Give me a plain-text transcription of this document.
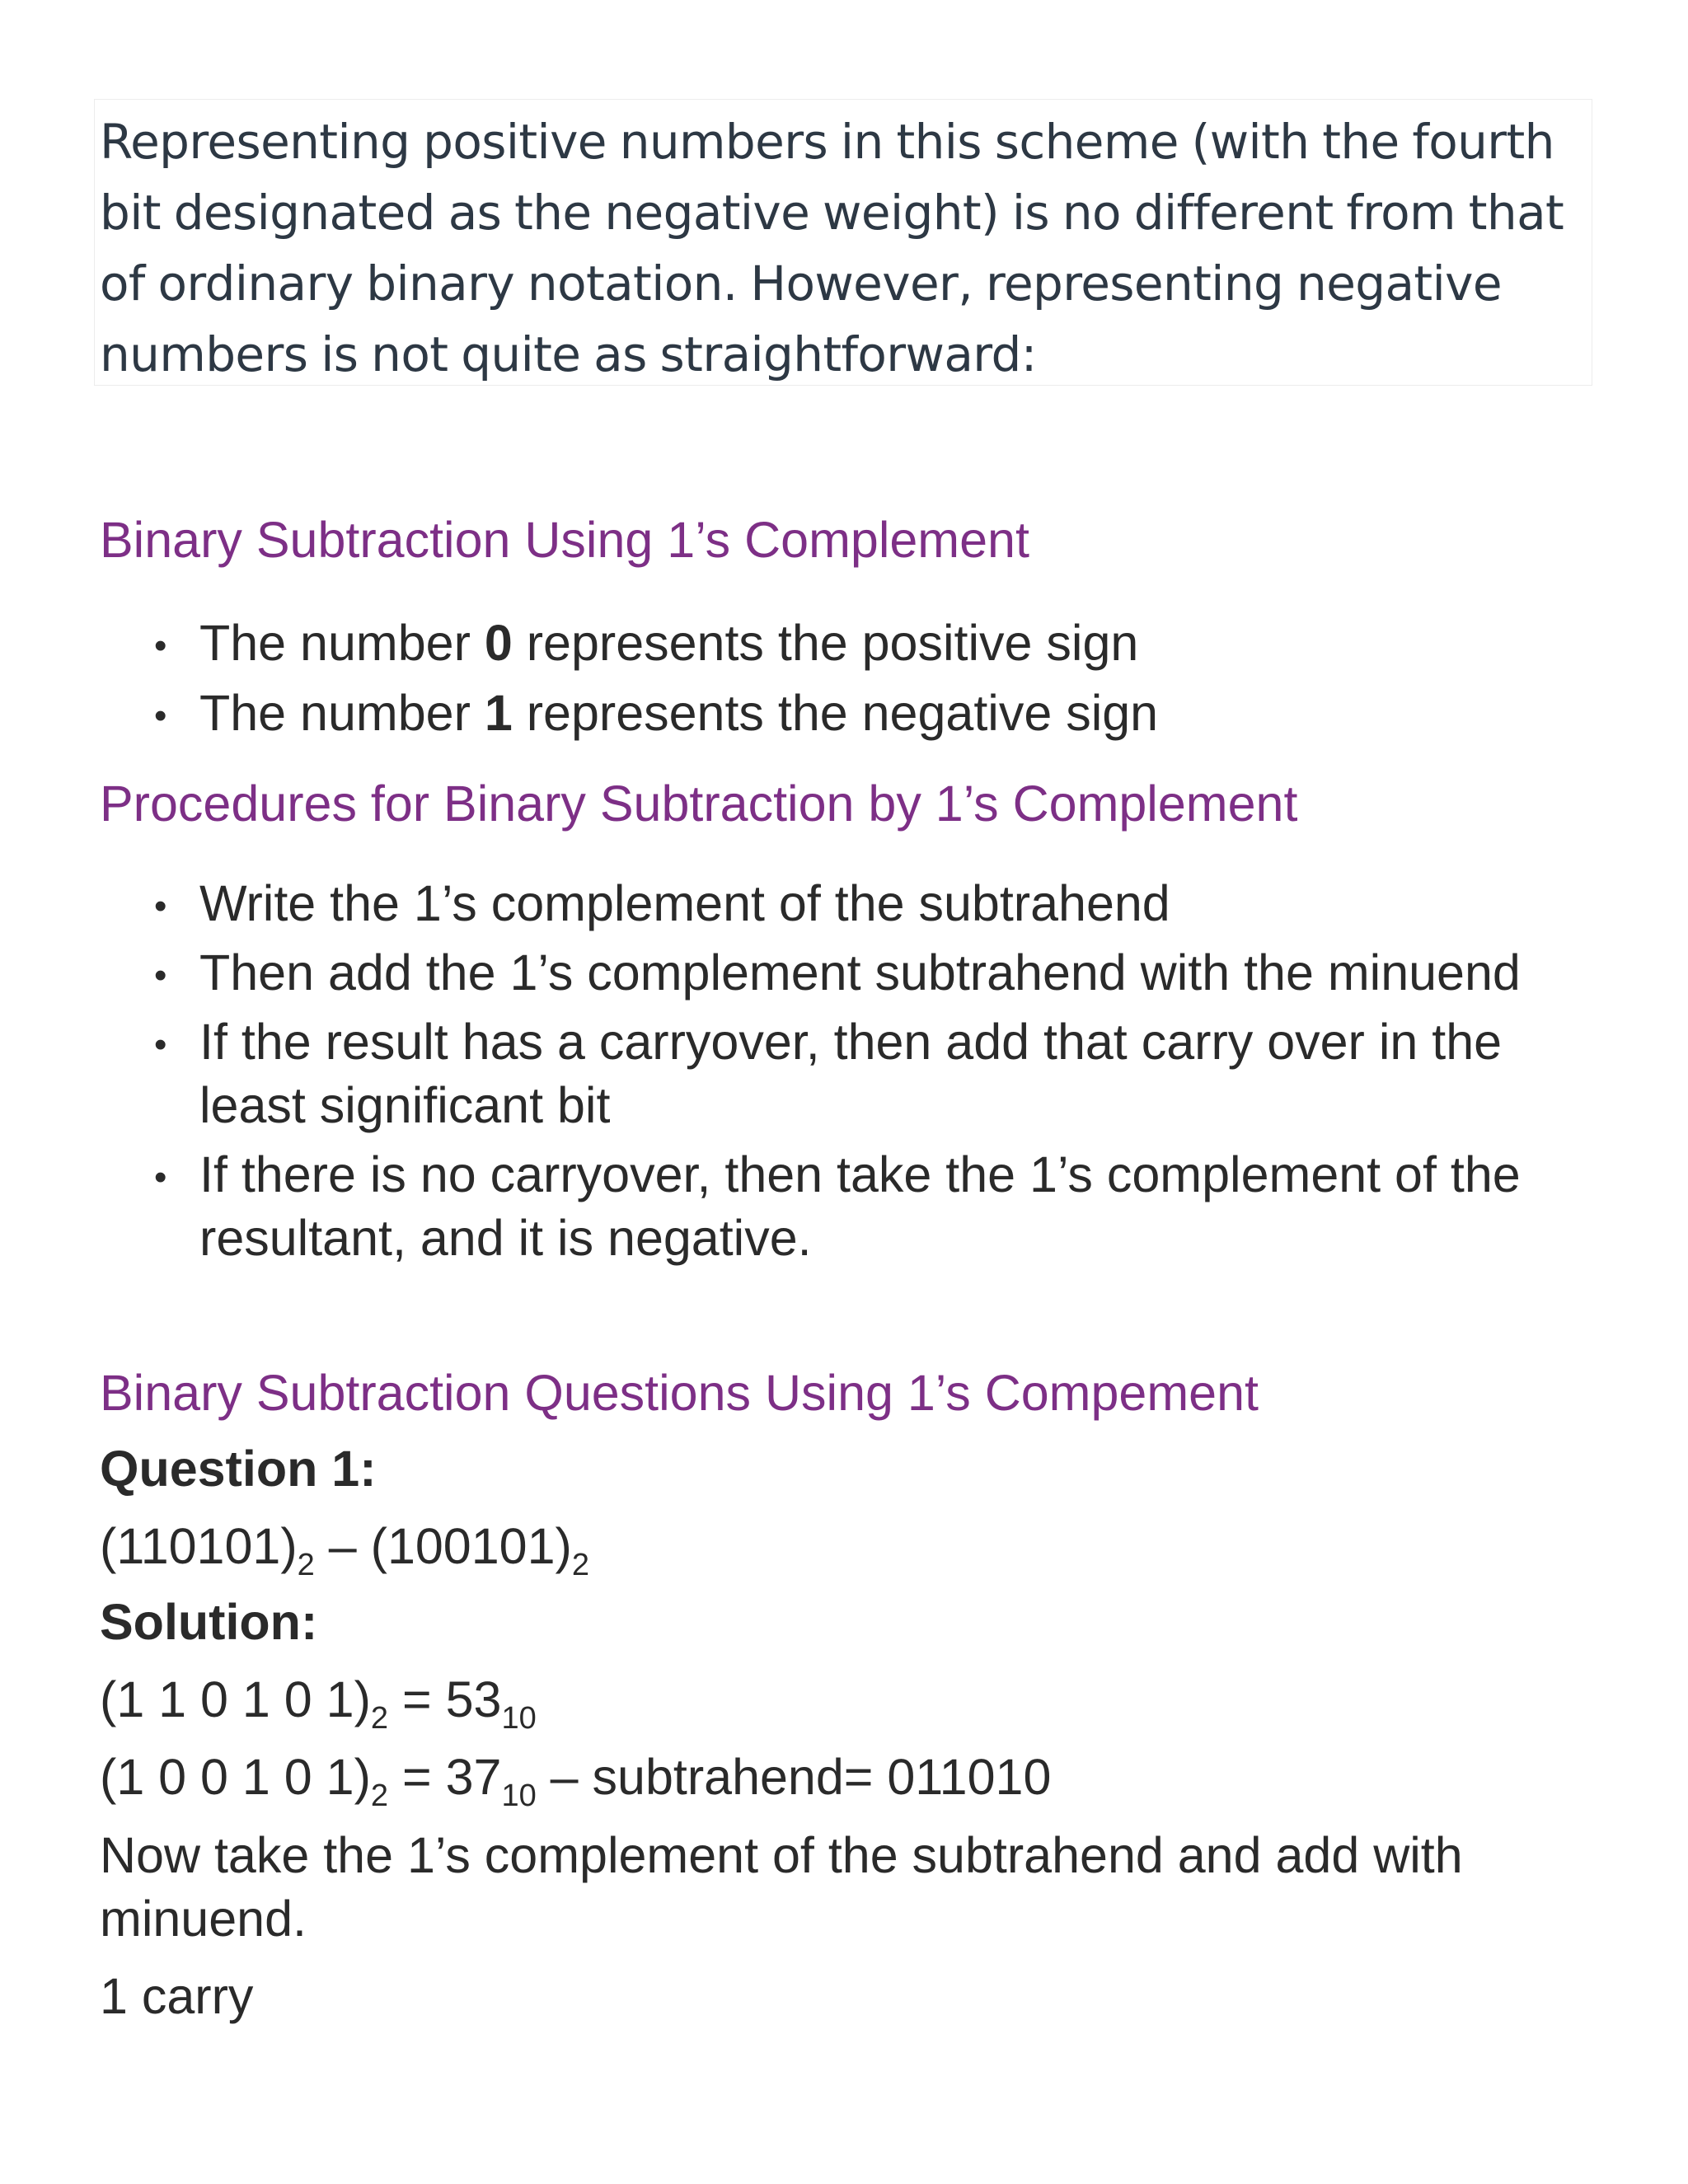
Representing positive numbers in this scheme (with the fourth bit designated as the negative weight) is no different from that of ordinary binary notation. However, representing negative numbers is not quite as straightforward:
Binary Subtraction Using 1’s Complement
• The number 0 represents the positive sign
• The number 1 represents the negative sign
Procedures for Binary Subtraction by 1’s Complement
• Write the 1’s complement of the subtrahend
• Then add the 1’s complement subtrahend with the minuend
• If the result has a carryover, then add that carry over in the least significant bit
• If there is no carryover, then take the 1’s complement of the resultant, and it is negative.
Binary Subtraction Questions Using 1’s Compement
Question 1:
$(110101)_2 - (100101)_2$
Solution:
(1 1 0 1 0 $1)_2 = 53_{10}$
(1 0 0 1 0 $1)_2 = 37_{10}$ – subtrahend= 011010
Now take the 1’s complement of the subtrahend and add with minuend.
1 carry
